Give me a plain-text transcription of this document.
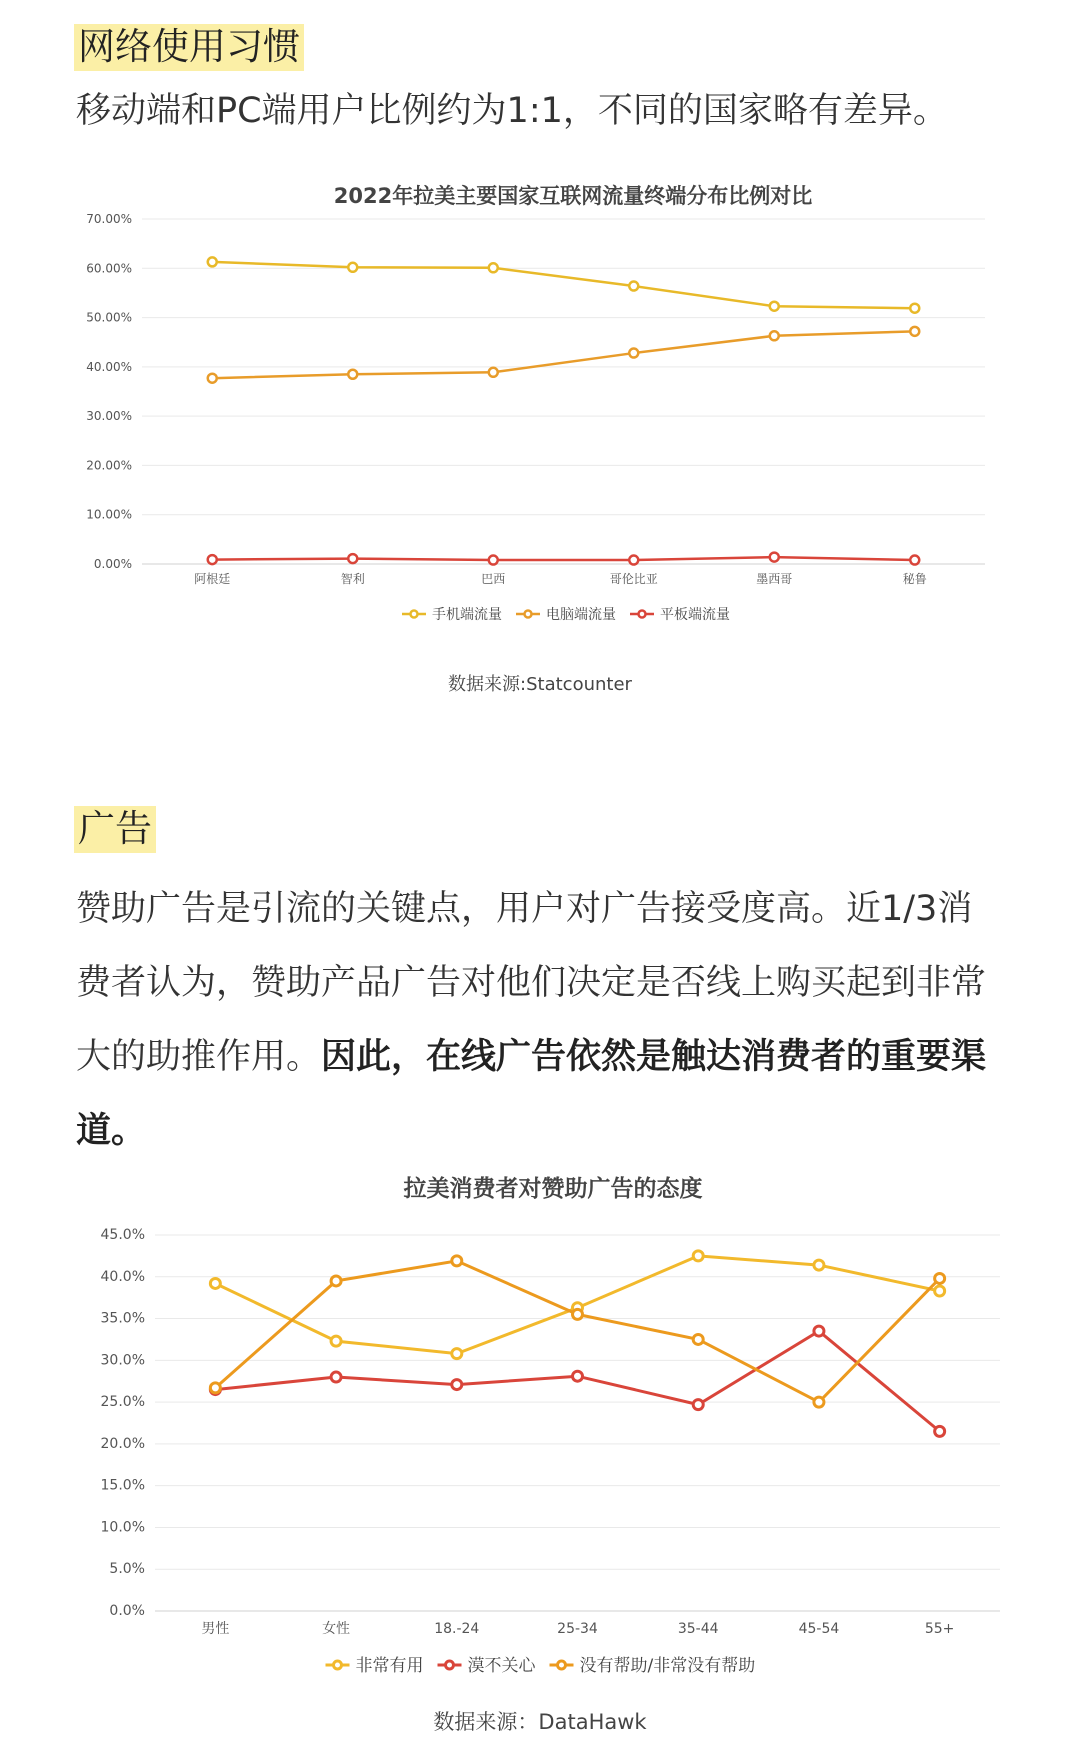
网络使用习惯
移动端和PC端用户比例约为1:1，不同的国家略有差异。
2022年拉美主要国家互联网流量终端分布比例对比
0.00%
10.00%
20.00%
30.00%
40.00%
50.00%
60.00%
70.00%
阿根廷	智利	巴西	哥伦比亚	墨西哥	秘鲁
手机端流量	电脑端流量	平板端流量
数据来源:Statcounter
广告
赞助广告是引流的关键点，用户对广告接受度高。近1/3消费者认为，赞助产品广告对他们决定是否线上购买起到非常大的助推作用。因此，在线广告依然是触达消费者的重要渠道。
拉美消费者对赞助广告的态度
0.0%
5.0%
10.0%
15.0%
20.0%
25.0%
30.0%
35.0%
40.0%
45.0%
男性	女性	18.-24	25-34	35-44	45-54	55+
非常有用	漠不关心	没有帮助/非常没有帮助
数据来源：DataHawk
